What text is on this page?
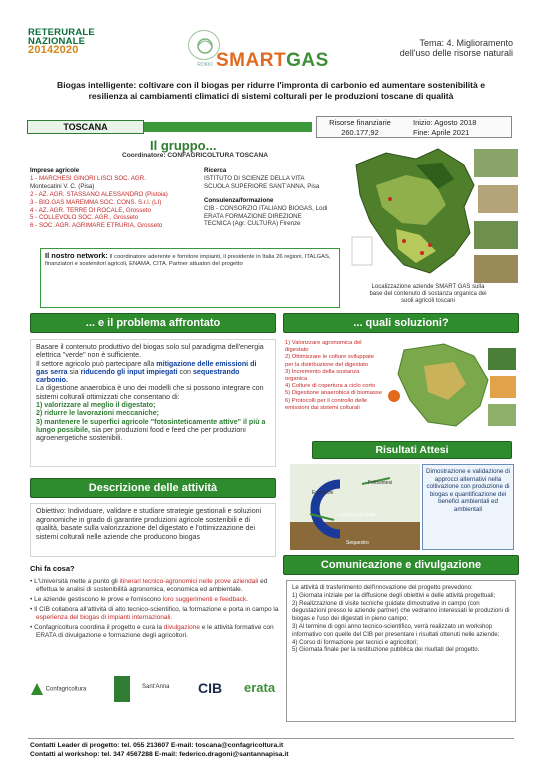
RETERURALE
NAZIONALE
20142020
ROKKI SMARTGAS
Tema: 4. Miglioramento
dell'uso delle risorse naturali
Biogas intelligente: coltivare con il biogas per ridurre l'impronta di carbonio ed aumentare sostenibilità e
resilienza ai cambiamenti climatici di sistemi colturali per le produzioni toscane di qualità
TOSCANA	Risorse finanziarie
260.177,92
Inizio: Agosto 2018
Fine: Aprile 2021
Il gruppo...
Coordinatore: CONFAGRICOLTURA TOSCANA
Imprese agricole
1 - MARCHESI GINORI LISCI SOC. AGR.
Montecatini V. C. (Pisa)
2 - AZ. AGR. STASSANO ALESSANDRO (Pistoia)
3 - BIO.GAS MAREMMA SOC. CONS. S.r.l. (LI)
4 - AZ. AGR. TERRE DI ROCALE, Grosseto
5 - COLLEVOLO SOC. AGR., Grosseto
6 - SOC. AGR. AGRIMARE ETRURIA, Grosseto
Ricerca
ISTITUTO DI SCIENZE DELLA VITA
SCUOLA SUPERIORE SANT'ANNA, Pisa
Consulenza/formazione
CIB - CONSORZIO ITALIANO BIOGAS, Lodi
ERATA FORMAZIONE DIREZIONE
TECNICA (Agr. CULTURA) Firenze
Localizzazione aziende SMART GAS sulla base del contenuto di sostanza organica dei suoli agricoli toscani
Il nostro network: Il coordinatore aderente e fornitore impianti, il presidente in Italia 26 regioni, ITALGAS, finanziatori e sostenitori agricoli, ENAMA, CITA. Partner attuatori del progetto
... e il problema affrontato	... quali soluzioni?
Basare il contenuto produttivo del biogas solo sul paradigma dell'energia elettrica "verde" non è sufficiente.
Il settore agricolo può partecipare alla mitigazione delle emissioni di gas serra sia riducendo gli input impiegati con sequestrando carbonio.
La digestione anaerobica è uno dei modelli che si possono integrare con sistemi colturali ottimizzati che consentano di:
1) valorizzare al meglio il digestato;
2) ridurre le lavorazioni meccaniche;
3) mantenere le superfici agricole "fotosinteticamente attive" il più a lungo possibile, sia per produzioni food e feed che per produzioni agroenergetiche sostenibili.
1) Valorizzare agronomica del digestato
2) Ottimizzare le colture sviluppate per la distribuzione del digestato
3) Incremento della sostanza organica
4) Colture di copertura a ciclo corto
5) Digestione anaerobica di biomasse
6) Protocolli per il controllo delle emissioni dai sistemi colturali
Risultati Attesi
Emissioni
Fotosintesi
Carbonio nel suolo
Sequestro
Dimostrazione e validazione di approcci alternativi nella coltivazione con produzione di biogas e quantificazione dei benefici ambientali ed ambientali
Descrizione delle attività
Obiettivo: Individuare, validare e studiare strategie gestionali e soluzioni agronomiche in grado di garantire produzioni agricole sostenibili e di qualità, basate sulla valorizzazione del digestato e l'ottimizzazione dei sistemi colturali nelle aziende che producono biogas
Comunicazione e divulgazione
Chi fa cosa?
• L'Università mette a punto gli itinerari tecnico-agronomici nelle prove aziendali ed effettua le analisi di sostenibilità agronomica, economica ed ambientale.
• Le aziende gestiscono le prove e forniscono loro suggerimenti e feedback.
• Il CIB collabora all'attività di alto tecnico-scientifico, la formazione e porta in campo la esperienza del biogas di impianti internazionali.
• Confagricoltura coordina il progetto e cura la divulgazione e le attività formative con ERATA di divulgazione e formazione degli agricoltori.
Le attività di trasferimento dell'innovazione del progetto prevedono:
1) Giornata iniziale per la diffusione degli obiettivi e delle attività progettuali;
2) Realizzazione di visite tecniche guidate dimostrative in campo (con degustazioni presso le aziende partner) che vedranno interessati le produzioni di biogas e l'uso dei digestati in pieno campo;
3) Al termine di ogni anno tecnico-scientifico, verrà realizzato un workshop informativo con quelle del CIB per presentare i risultati ottenuti nelle aziende;
4) Corso di formazione per tecnici e agricoltori;
5) Giornata finale per la restituzione pubblica dei risultati del progetto.
Confagricoltura	Sant'Anna CIB erata
Contatti Leader di progetto: tel. 055 213607 E-mail: toscana@confagricoltura.it
Contatti al workshop: tel. 347 4567288 E-mail: federico.dragoni@santannapisa.it
